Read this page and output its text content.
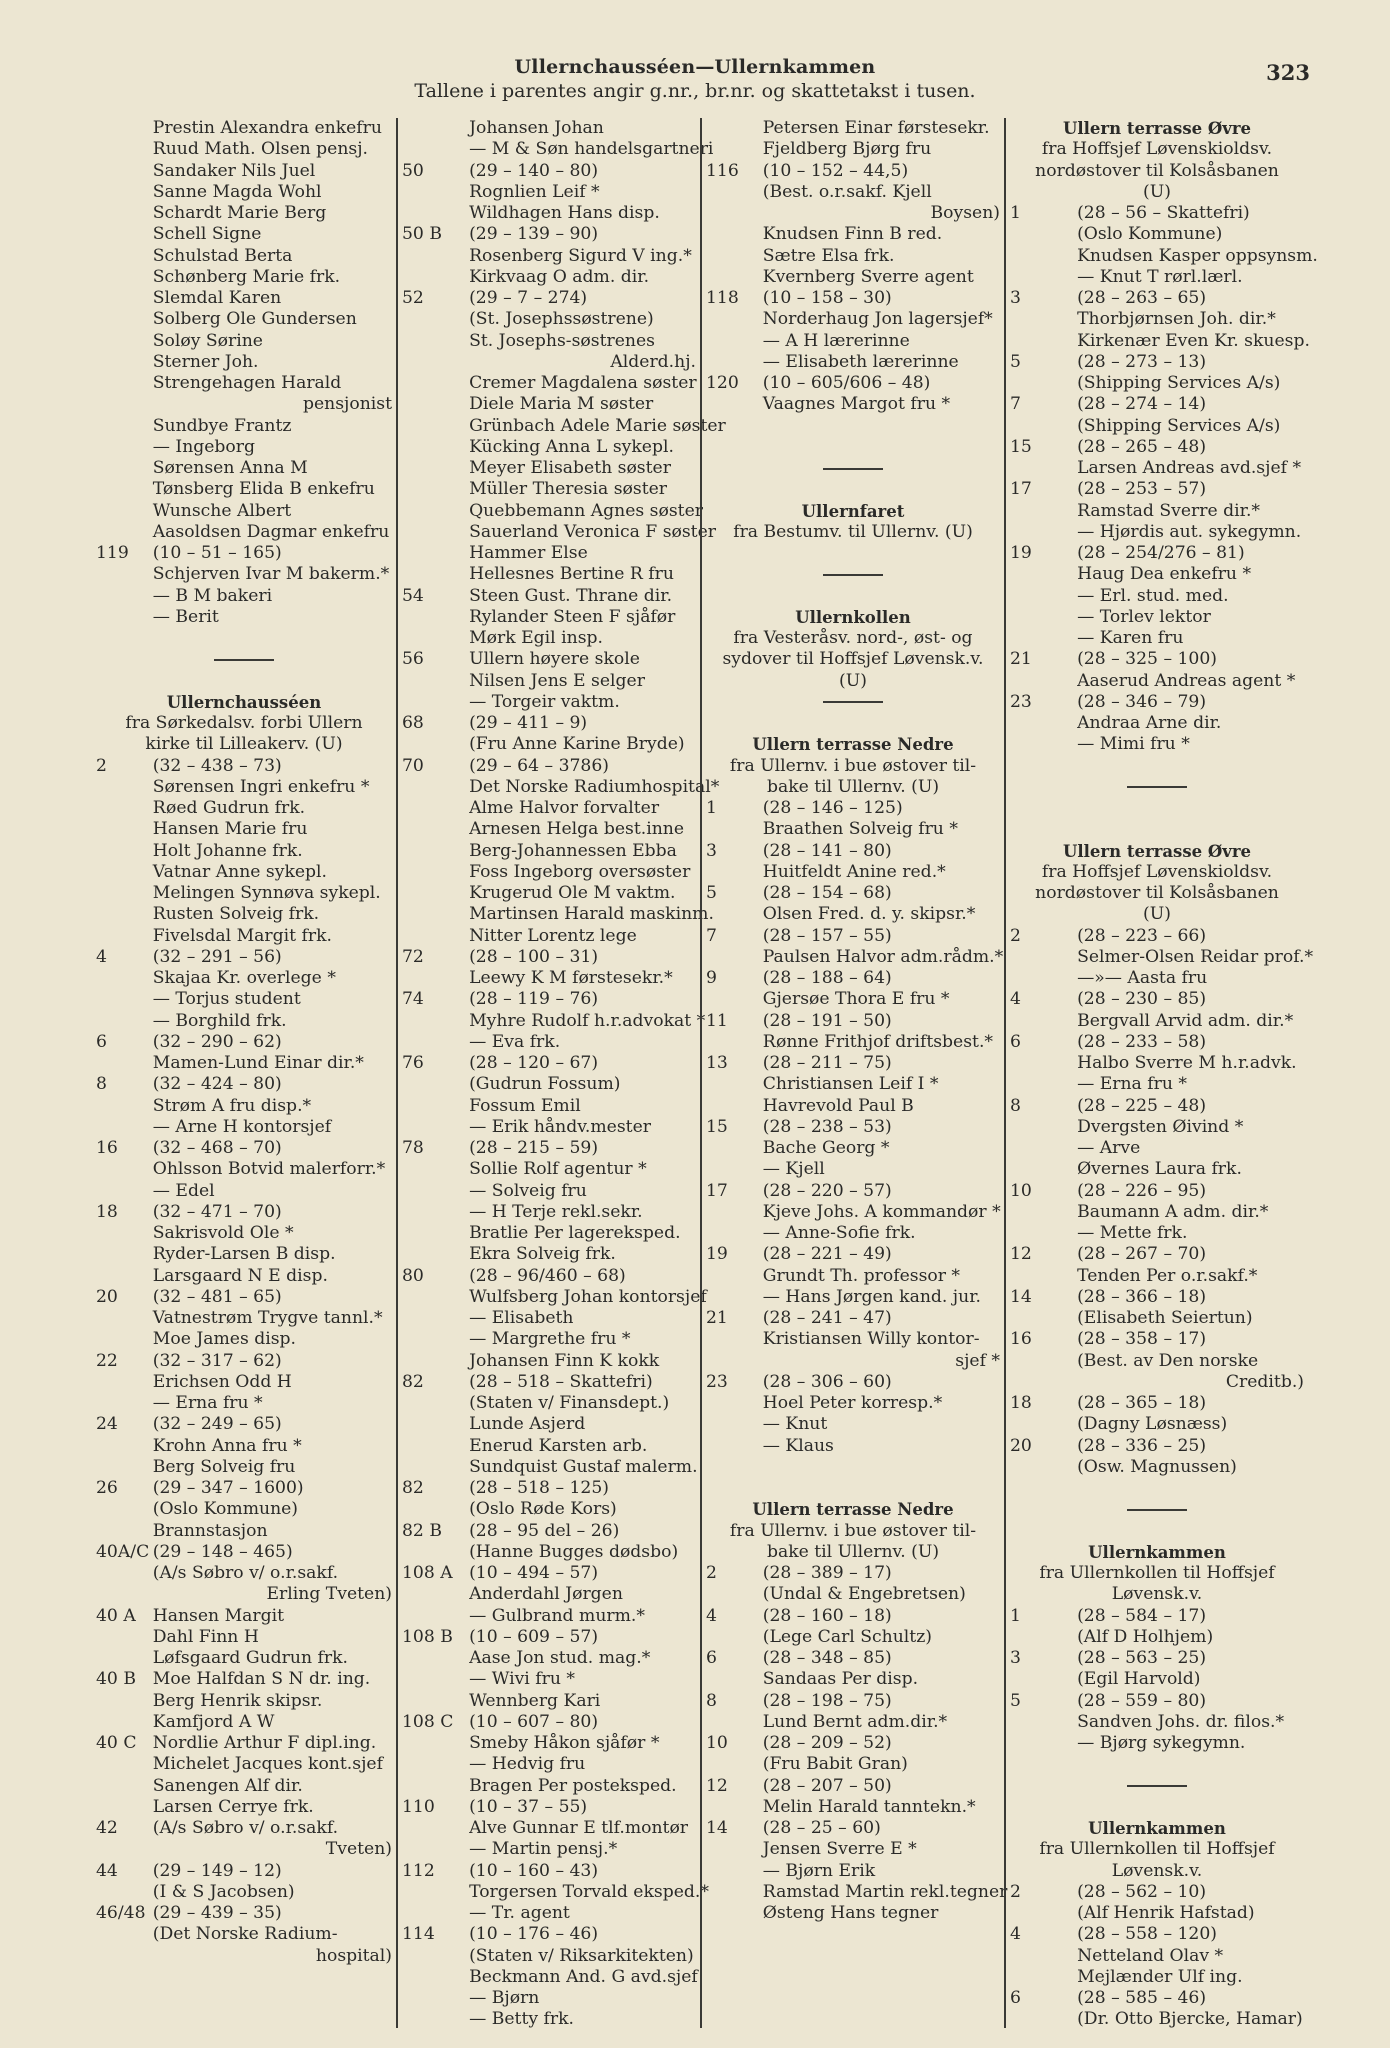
Ullernchausséen—Ullernkammen
Tallene i parentes angir g.nr., br.nr. og skattetakst i tusen.
323
Prestin Alexandra enkefru
Ruud Math. Olsen pensj.
Sandaker Nils Juel
Sanne Magda Wohl
Schardt Marie Berg
Schell Signe
Schulstad Berta
Schønberg Marie frk.
Slemdal Karen
Solberg Ole Gundersen
Soløy Sørine
Sterner Joh.
Strengehagen Harald
pensjonist
Sundbye Frantz
— Ingeborg
Sørensen Anna M
Tønsberg Elida B enkefru
Wunsche Albert
Aasoldsen Dagmar enkefru
119 (10 – 51 – 165)
Schjerven Ivar M bakerm.*
— B M bakeri
— Berit
Ullernchausséen
fra Sørkedalsv. forbi Ullern
kirke til Lilleakerv. (U)
2	(32 – 438 – 73)
Sørensen Ingri enkefru *
Røed Gudrun frk.
Hansen Marie fru
Holt Johanne frk.
Vatnar Anne sykepl.
Melingen Synnøva sykepl.
Rusten Solveig frk.
Fivelsdal Margit frk.
4	(32 – 291 – 56)
Skajaa Kr. overlege *
— Torjus student
— Borghild frk.
6	(32 – 290 – 62)
Mamen-Lund Einar dir.*
8	(32 – 424 – 80)
Strøm A fru disp.*
— Arne H kontorsjef
16 (32 – 468 – 70)
Ohlsson Botvid malerforr.*
— Edel
18 (32 – 471 – 70)
Sakrisvold Ole *
Ryder-Larsen B disp.
Larsgaard N E disp.
20 (32 – 481 – 65)
Vatnestrøm Trygve tannl.*
Moe James disp.
22 (32 – 317 – 62)
Erichsen Odd H
— Erna fru *
24 (32 – 249 – 65)
Krohn Anna fru *
Berg Solveig fru
26 (29 – 347 – 1600)
(Oslo Kommune)
Brannstasjon
40A/C (29 – 148 – 465)
(A/s Søbro v/ o.r.sakf.
Erling Tveten)
40 A Hansen Margit
Dahl Finn H
Løfsgaard Gudrun frk.
40 B Moe Halfdan S N dr. ing.
Berg Henrik skipsr.
Kamfjord A W
40 C Nordlie Arthur F dipl.ing.
Michelet Jacques kont.sjef
Sanengen Alf dir.
Larsen Cerrye frk.
42 (A/s Søbro v/ o.r.sakf.
Tveten)
44 (29 – 149 – 12)
(I & S Jacobsen)
46/48 (29 – 439 – 35)
(Det Norske Radium-
hospital)
Johansen Johan
— M & Søn handelsgartneri
50	(29 – 140 – 80)
Rognlien Leif *
Wildhagen Hans disp.
50 B (29 – 139 – 90)
Rosenberg Sigurd V ing.*
Kirkvaag O adm. dir.
52	(29 – 7 – 274)
(St. Josephssøstrene)
St. Josephs-søstrenes
Alderd.hj.
Cremer Magdalena søster
Diele Maria M søster
Grünbach Adele Marie søster
Kücking Anna L sykepl.
Meyer Elisabeth søster
Müller Theresia søster
Quebbemann Agnes søster
Sauerland Veronica F søster
Hammer Else
Hellesnes Bertine R fru
54	Steen Gust. Thrane dir.
Rylander Steen F sjåfør
Mørk Egil insp.
56	Ullern høyere skole
Nilsen Jens E selger
— Torgeir vaktm.
68	(29 – 411 – 9)
(Fru Anne Karine Bryde)
70	(29 – 64 – 3786)
Det Norske Radiumhospital*
Alme Halvor forvalter
Arnesen Helga best.inne
Berg-Johannessen Ebba
Foss Ingeborg oversøster
Krugerud Ole M vaktm.
Martinsen Harald maskinm.
Nitter Lorentz lege
72	(28 – 100 – 31)
Leewy K M førstesekr.*
74	(28 – 119 – 76)
Myhre Rudolf h.r.advokat *
— Eva frk.
76	(28 – 120 – 67)
(Gudrun Fossum)
Fossum Emil
— Erik håndv.mester
78	(28 – 215 – 59)
Sollie Rolf agentur *
— Solveig fru
— H Terje rekl.sekr.
Bratlie Per lagereksped.
Ekra Solveig frk.
80	(28 – 96/460 – 68)
Wulfsberg Johan kontorsjef
— Elisabeth
— Margrethe fru *
Johansen Finn K kokk
82	(28 – 518 – Skattefri)
(Staten v/ Finansdept.)
Lunde Asjerd
Enerud Karsten arb.
Sundquist Gustaf malerm.
82	(28 – 518 – 125)
(Oslo Røde Kors)
82 B (28 – 95 del – 26)
(Hanne Bugges dødsbo)
108 A (10 – 494 – 57)
Anderdahl Jørgen
— Gulbrand murm.*
108 B (10 – 609 – 57)
Aase Jon stud. mag.*
— Wivi fru *
Wennberg Kari
108 C (10 – 607 – 80)
Smeby Håkon sjåfør *
— Hedvig fru
Bragen Per posteksped.
110 (10 – 37 – 55)
Alve Gunnar E tlf.montør
— Martin pensj.*
112 (10 – 160 – 43)
Torgersen Torvald eksped.*
— Tr. agent
114 (10 – 176 – 46)
(Staten v/ Riksarkitekten)
Beckmann And. G avd.sjef
— Bjørn
— Betty frk.
Petersen Einar førstesekr.
Fjeldberg Bjørg fru
116 (10 – 152 – 44,5)
(Best. o.r.sakf. Kjell
Boysen)
Knudsen Finn B red.
Sætre Elsa frk.
Kvernberg Sverre agent
118 (10 – 158 – 30)
Norderhaug Jon lagersjef*
— A H lærerinne
— Elisabeth lærerinne
120 (10 – 605/606 – 48)
Vaagnes Margot fru *
Ullernfaret
fra Bestumv. til Ullernv. (U)
Ullernkollen
fra Vesteråsv. nord-, øst- og
sydover til Hoffsjef Løvensk.v.
(U)
Ullern terrasse Nedre
fra Ullernv. i bue østover til-
bake til Ullernv. (U)
1	(28 – 146 – 125)
Braathen Solveig fru *
3	(28 – 141 – 80)
Huitfeldt Anine red.*
5	(28 – 154 – 68)
Olsen Fred. d. y. skipsr.*
7	(28 – 157 – 55)
Paulsen Halvor adm.rådm.*
9	(28 – 188 – 64)
Gjersøe Thora E fru *
11 (28 – 191 – 50)
Rønne Frithjof driftsbest.*
13 (28 – 211 – 75)
Christiansen Leif I *
Havrevold Paul B
15 (28 – 238 – 53)
Bache Georg *
— Kjell
17 (28 – 220 – 57)
Kjeve Johs. A kommandør *
— Anne-Sofie frk.
19 (28 – 221 – 49)
Grundt Th. professor *
— Hans Jørgen kand. jur.
21 (28 – 241 – 47)
Kristiansen Willy kontor-
sjef *
23 (28 – 306 – 60)
Hoel Peter korresp.*
— Knut
— Klaus
Ullern terrasse Nedre
fra Ullernv. i bue østover til-
bake til Ullernv. (U)
2	(28 – 389 – 17)
(Undal & Engebretsen)
4	(28 – 160 – 18)
(Lege Carl Schultz)
6	(28 – 348 – 85)
Sandaas Per disp.
8	(28 – 198 – 75)
Lund Bernt adm.dir.*
10 (28 – 209 – 52)
(Fru Babit Gran)
12 (28 – 207 – 50)
Melin Harald tanntekn.*
14 (28 – 25 – 60)
Jensen Sverre E *
— Bjørn Erik
Ramstad Martin rekl.tegner
Østeng Hans tegner
Ullern terrasse Øvre
fra Hoffsjef Løvenskioldsv.
nordøstover til Kolsåsbanen
(U)
1	(28 – 56 – Skattefri)
(Oslo Kommune)
Knudsen Kasper oppsynsm.
— Knut T rørl.lærl.
3	(28 – 263 – 65)
Thorbjørnsen Joh. dir.*
Kirkenær Even Kr. skuesp.
5	(28 – 273 – 13)
(Shipping Services A/s)
7	(28 – 274 – 14)
(Shipping Services A/s)
15	(28 – 265 – 48)
Larsen Andreas avd.sjef *
17	(28 – 253 – 57)
Ramstad Sverre dir.*
— Hjørdis aut. sykegymn.
19	(28 – 254/276 – 81)
Haug Dea enkefru *
— Erl. stud. med.
— Torlev lektor
— Karen fru
21	(28 – 325 – 100)
Aaserud Andreas agent *
23	(28 – 346 – 79)
Andraa Arne dir.
— Mimi fru *
Ullern terrasse Øvre
fra Hoffsjef Løvenskioldsv.
nordøstover til Kolsåsbanen
(U)
2	(28 – 223 – 66)
Selmer-Olsen Reidar prof.*
—»— Aasta fru
4	(28 – 230 – 85)
Bergvall Arvid adm. dir.*
6	(28 – 233 – 58)
Halbo Sverre M h.r.advk.
— Erna fru *
8	(28 – 225 – 48)
Dvergsten Øivind *
— Arve
Øvernes Laura frk.
10	(28 – 226 – 95)
Baumann A adm. dir.*
— Mette frk.
12	(28 – 267 – 70)
Tenden Per o.r.sakf.*
14	(28 – 366 – 18)
(Elisabeth Seiertun)
16	(28 – 358 – 17)
(Best. av Den norske
Creditb.)
18	(28 – 365 – 18)
(Dagny Løsnæss)
20	(28 – 336 – 25)
(Osw. Magnussen)
Ullernkammen
fra Ullernkollen til Hoffsjef
Løvensk.v.
1	(28 – 584 – 17)
(Alf D Holhjem)
3	(28 – 563 – 25)
(Egil Harvold)
5	(28 – 559 – 80)
Sandven Johs. dr. filos.*
— Bjørg sykegymn.
Ullernkammen
fra Ullernkollen til Hoffsjef
Løvensk.v.
2	(28 – 562 – 10)
(Alf Henrik Hafstad)
4	(28 – 558 – 120)
Netteland Olav *
Mejlænder Ulf ing.
6	(28 – 585 – 46)
(Dr. Otto Bjercke, Hamar)
